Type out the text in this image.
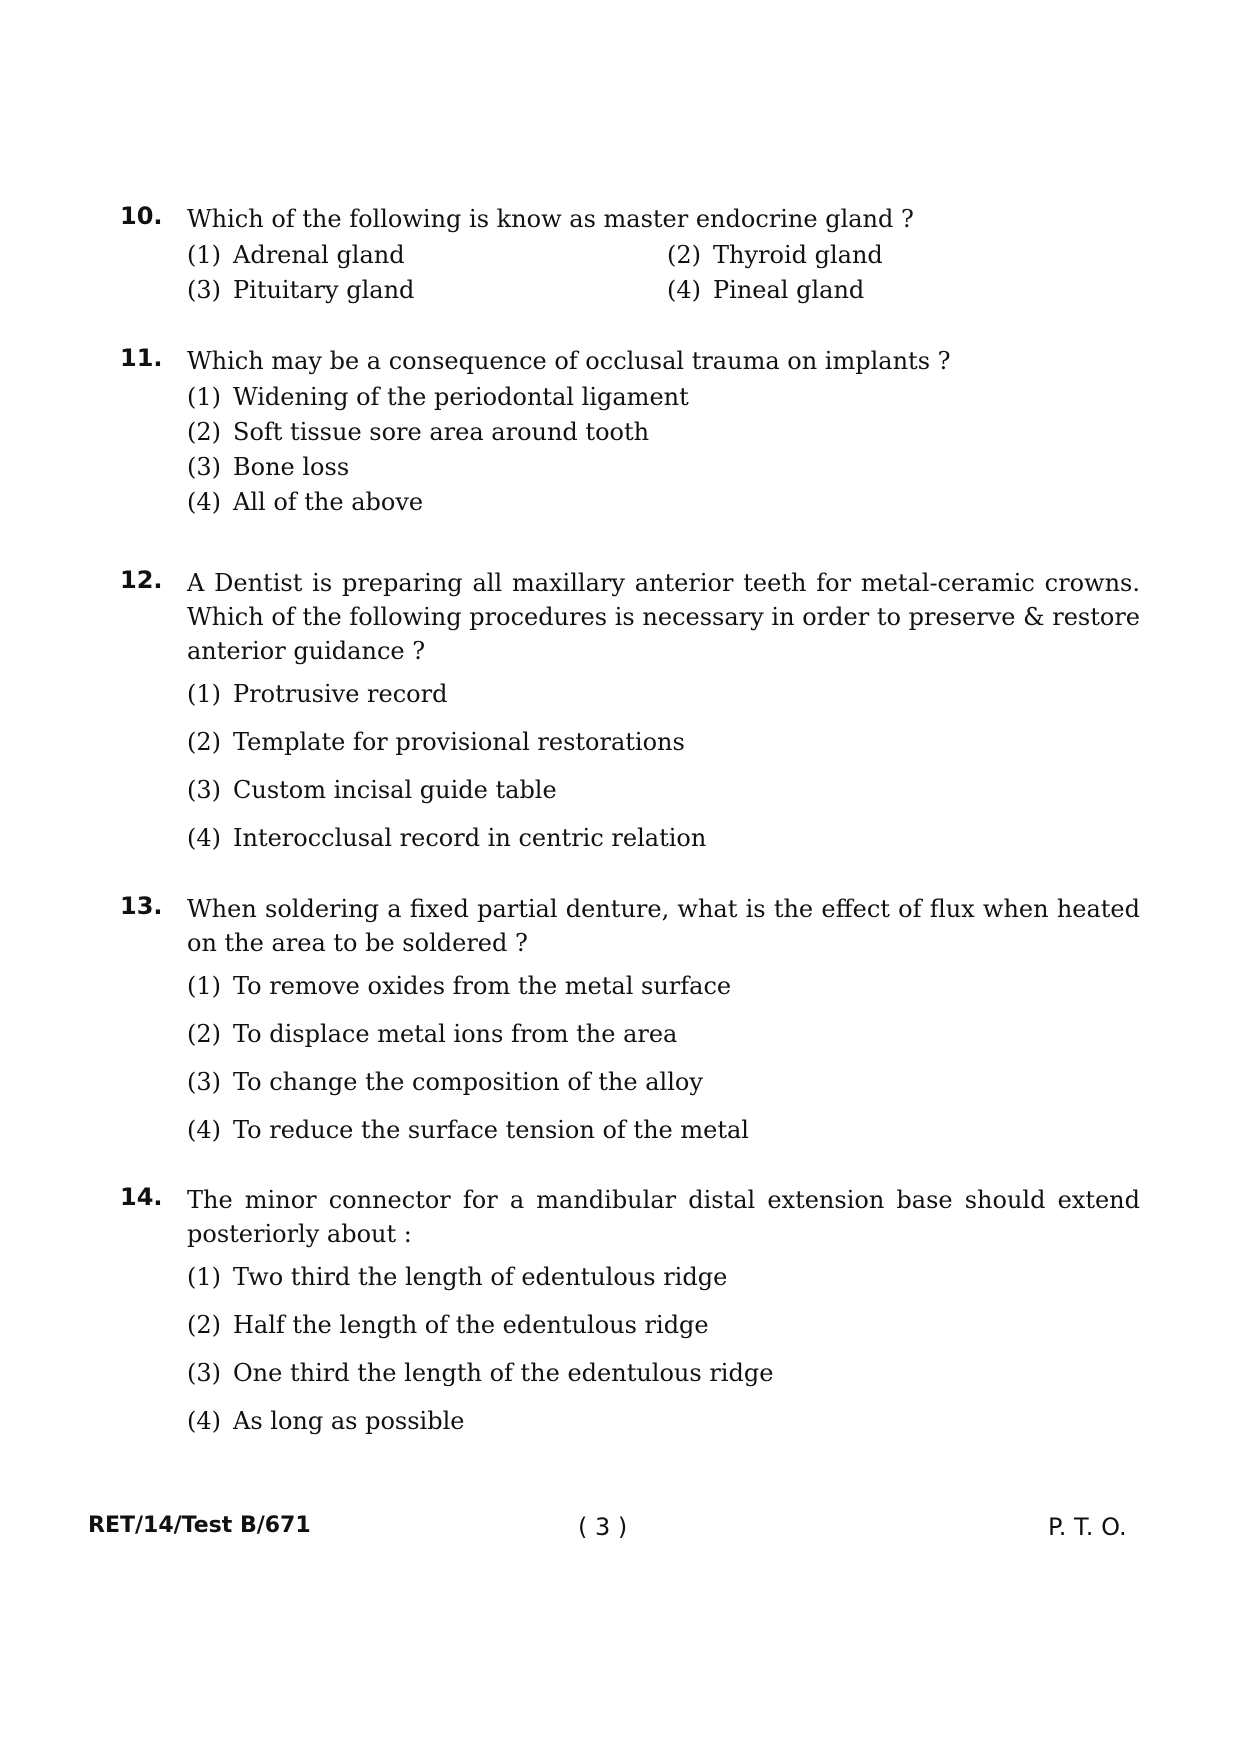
10. Which of the following is know as master endocrine gland ?
(1) Adrenal gland	(2) Thyroid gland
(3) Pituitary gland	(4) Pineal gland
11. Which may be a consequence of occlusal trauma on implants ?
(1) Widening of the periodontal ligament
(2) Soft tissue sore area around tooth
(3) Bone loss
(4) All of the above
12. A Dentist is preparing all maxillary anterior teeth for metal-ceramic crowns. Which of the following procedures is necessary in order to preserve & restore anterior guidance ?
(1) Protrusive record
(2) Template for provisional restorations
(3) Custom incisal guide table
(4) Interocclusal record in centric relation
13. When soldering a fixed partial denture, what is the effect of flux when heated on the area to be soldered ?
(1) To remove oxides from the metal surface
(2) To displace metal ions from the area
(3) To change the composition of the alloy
(4) To reduce the surface tension of the metal
14. The minor connector for a mandibular distal extension base should extend posteriorly about :
(1) Two third the length of edentulous ridge
(2) Half the length of the edentulous ridge
(3) One third the length of the edentulous ridge
(4) As long as possible
RET/14/Test B/671	( 3 )	P. T. O.
